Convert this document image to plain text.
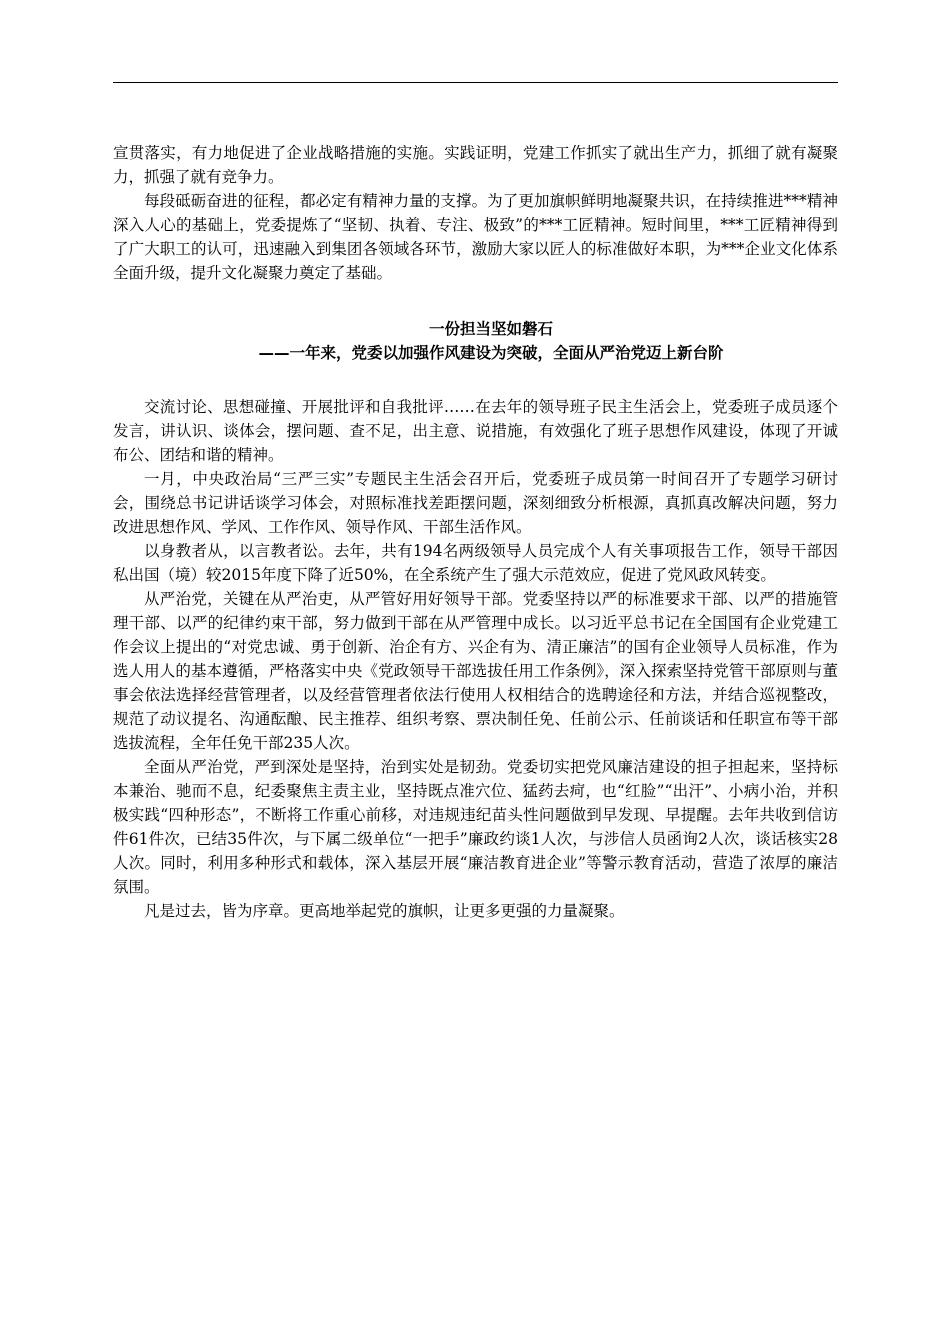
宣贯落实，有力地促进了企业战略措施的实施。实践证明，党建工作抓实了就出生产力，抓细了就有凝聚力，抓强了就有竞争力。

每段砥砺奋进的征程，都必定有精神力量的支撑。为了更加旗帜鲜明地凝聚共识，在持续推进***精神深入人心的基础上，党委提炼了“坚韧、执着、专注、极致”的***工匠精神。短时间里，***工匠精神得到了广大职工的认可，迅速融入到集团各领域各环节，激励大家以匠人的标准做好本职，为***企业文化体系全面升级，提升文化凝聚力奠定了基础。

一份担当坚如磐石

——一年来，党委以加强作风建设为突破，全面从严治党迈上新台阶

交流讨论、思想碰撞、开展批评和自我批评……在去年的领导班子民主生活会上，党委班子成员逐个发言，讲认识、谈体会，摆问题、查不足，出主意、说措施，有效强化了班子思想作风建设，体现了开诚布公、团结和谐的精神。

一月，中央政治局“三严三实”专题民主生活会召开后，党委班子成员第一时间召开了专题学习研讨会，围绕总书记讲话谈学习体会，对照标准找差距摆问题，深刻细致分析根源，真抓真改解决问题，努力改进思想作风、学风、工作作风、领导作风、干部生活作风。

以身教者从，以言教者讼。去年，共有194名两级领导人员完成个人有关事项报告工作，领导干部因私出国（境）较2015年度下降了近50%，在全系统产生了强大示范效应，促进了党风政风转变。

从严治党，关键在从严治吏，从严管好用好领导干部。党委坚持以严的标准要求干部、以严的措施管理干部、以严的纪律约束干部，努力做到干部在从严管理中成长。以习近平总书记在全国国有企业党建工作会议上提出的“对党忠诚、勇于创新、治企有方、兴企有为、清正廉洁”的国有企业领导人员标准，作为选人用人的基本遵循，严格落实中央《党政领导干部选拔任用工作条例》，深入探索坚持党管干部原则与董事会依法选择经营管理者，以及经营管理者依法行使用人权相结合的选聘途径和方法，并结合巡视整改，规范了动议提名、沟通酝酿、民主推荐、组织考察、票决制任免、任前公示、任前谈话和任职宣布等干部选拔流程，全年任免干部235人次。

全面从严治党，严到深处是坚持，治到实处是韧劲。党委切实把党风廉洁建设的担子担起来，坚持标本兼治、驰而不息，纪委聚焦主责主业，坚持既点准穴位、猛药去疴，也“红脸”“出汗”、小病小治，并积极实践“四种形态”，不断将工作重心前移，对违规违纪苗头性问题做到早发现、早提醒。去年共收到信访件61件次，已结35件次，与下属二级单位“一把手”廉政约谈1人次，与涉信人员函询2人次，谈话核实28人次。同时，利用多种形式和载体，深入基层开展“廉洁教育进企业”等警示教育活动，营造了浓厚的廉洁氛围。

凡是过去，皆为序章。更高地举起党的旗帜，让更多更强的力量凝聚。
